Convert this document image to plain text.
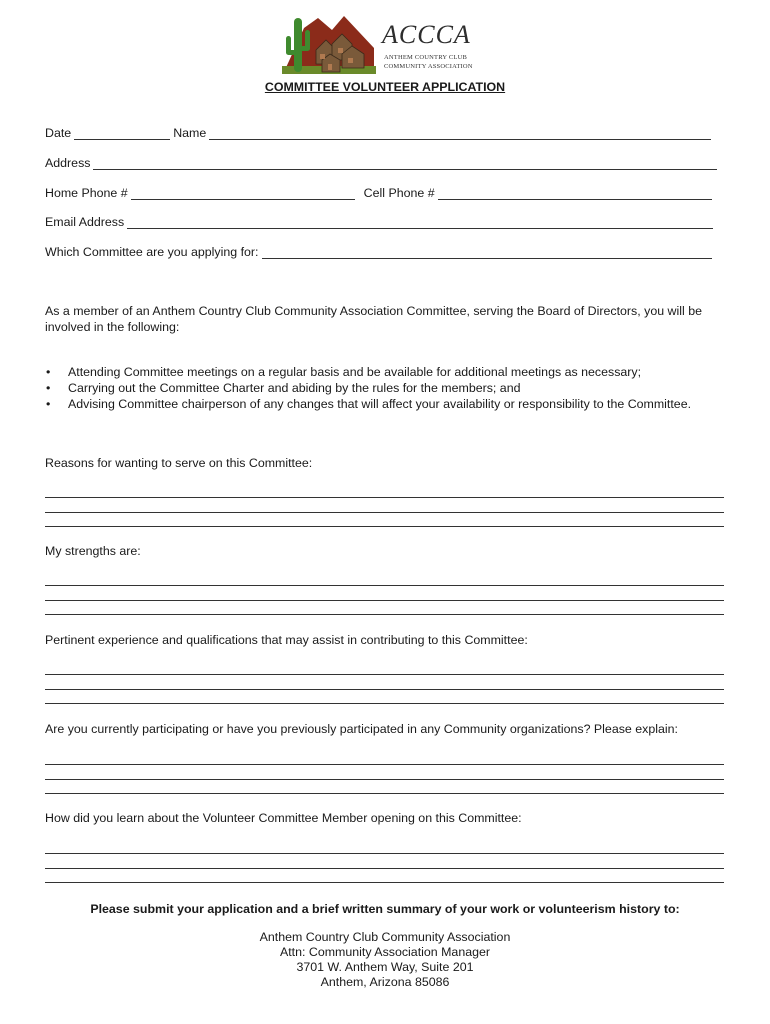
ACCCA
ANTHEM COUNTRY CLUB
COMMUNITY ASSOCIATION
COMMITTEE VOLUNTEER APPLICATION
Date	Name
Address
Home Phone #	Cell Phone #
Email Address
Which Committee are you applying for:
As a member of an Anthem Country Club Community Association Committee, serving the Board of Directors, you will be involved in the following:
• Attending Committee meetings on a regular basis and be available for additional meetings as necessary;
• Carrying out the Committee Charter and abiding by the rules for the members; and
• Advising Committee chairperson of any changes that will affect your availability or responsibility to the Committee.
Reasons for wanting to serve on this Committee:
My strengths are:
Pertinent experience and qualifications that may assist in contributing to this Committee:
Are you currently participating or have you previously participated in any Community organizations? Please explain:
How did you learn about the Volunteer Committee Member opening on this Committee:
Please submit your application and a brief written summary of your work or volunteerism history to:
Anthem Country Club Community Association
Attn: Community Association Manager
3701 W. Anthem Way, Suite 201
Anthem, Arizona 85086
